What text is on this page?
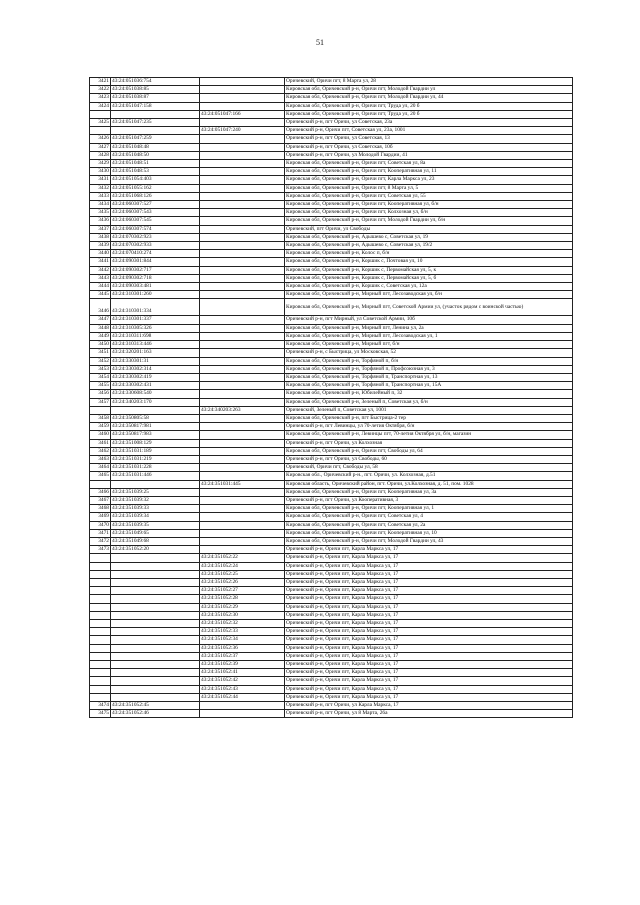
51
3421	43:24:051036:754		Оричевский, Оричи пгт, 8 Марта ул, 28
3422	43:24:051038:85		Кировская обл, Оричевский р-н, Оричи пгт, Молодой Гвардии ул
3423	43:24:051038:87		Кировская обл, Оричевский р-н, Оричи пгт, Молодой Гвардии ул, 44
3424	43:24:051047:158		Кировская обл, Оричевский р-н, Оричи пгт, Труда ул, 20 б
		43:24:051047:166	Кировская обл, Оричевский р-н, Оричи пгт, Труда ул, 20 б
3425	43:24:051047:235		Оричевский р-н, пгт Оричи, ул Советская, 23а
		43:24:051047:240	Оричевский р-н, Оричи пгт, Советская ул, 23а, 1001
3426	43:24:051047:259		Оричевский р-н, пгт Оричи, ул Советская, 13
3427	43:24:051048:48		Оричевский р-н, пгт Оричи, ул Советская, 10б
3428	43:24:051048:50		Оричевский р-н, пгт Оричи, ул Молодой Гвардии, 41
3429	43:24:051048:51		Кировская обл, Оричевский р-н, Оричи пгт, Советская ул, 8а
3430	43:24:051048:53		Кировская обл, Оричевский р-н, Оричи пгт, Кооперативная ул, 11
3431	43:24:051054:403		Кировская обл, Оричевский р-н, Оричи пгт, Карла Маркса ул, 23
3432	43:24:051055:162		Кировская обл, Оричевский р-н, Оричи пгт, 8 Марта ул, 5
3433	43:24:051068:126		Кировская обл, Оричевский р-н, Оричи пгт, Советская ул, 55
3434	43:24:060307:527		Кировская обл, Оричевский р-н, Оричи пгт, Кооперативная ул, б/н
3435	43:24:060307:543		Кировская обл, Оричевский р-н, Оричи пгт, Колхозная ул, б/н
3436	43:24:060307:545		Кировская обл, Оричевский р-н, Оричи пгт, Молодой Гвардии ул, б/н
3437	43:24:060307:574		Оричевский, пгт Оричи, ул Свободы
3438	43:24:070302:923		Кировская обл, Оричевский р-н, Адышево с, Советская ул, 19
3439	43:24:070302:933		Кировская обл, Оричевский р-н, Адышево с, Советская ул, 19/2
3440	43:24:070410:274		Кировская обл, Оричевский р-н, Колос п, б/н
3441	43:24:090301:844		Кировская обл, Оричевский р-н, Коршик с, Почтовая ул, 10
3442	43:24:090302:717		Кировская обл, Оричевский р-н, Коршик с, Первомайская ул, 5, к
3443	43:24:090302:718		Кировская обл, Оричевский р-н, Коршик с, Первомайская ул, 5, б
3444	43:24:090303:481		Кировская обл, Оричевский р-н, Коршик с, Советская ул, 12а
3445	43:24:310301:260		Кировская обл, Оричевский р-н, Мирный пгт, Лесозаводская ул, б/н
3446	43:24:310301:334		Кировская обл, Оричевский р-н, Мирный пгт, Советской Армии ул, (участок рядом с воинской частью)
3447	43:24:310301:337		Оричевский р-н, пгт Мирный, ул Советской Армии, 10б
3448	43:24:310305:326		Кировская обл, Оричевский р-н, Мирный пгт, Ленина ул, 2а
3449	43:24:310311:698		Кировская обл, Оричевский р-н, Мирный пгт, Лесозаводская ул, 1
3450	43:24:310313:446		Кировская обл, Оричевский р-н, Мирный пгт, б/н
3451	43:24:320201:163		Оричевский р-н, с Быстрица, ул Московская, 52
3452	43:24:330301:31		Кировская обл, Оричевский р-н, Торфяной п, б/н
3453	43:24:330302:314		Кировская обл, Оричевский р-н, Торфяной п, Профсоюзная ул, 3
3454	43:24:330302:419		Кировская обл, Оричевский р-н, Торфяной п, Транспортная ул, 13
3455	43:24:330302:431		Кировская обл, Оричевский р-н, Торфяной п, Транспортная ул, 15А
3456	43:24:330608:540		Кировская обл, Оричевский р-н, Юбилейный п, 32
3457	43:24:340203:170		Кировская обл, Оричевский р-н, Зеленый п, Советская ул, б/н
		43:24:340203:263	Оричевский, Зеленый п, Советская ул, 1001
3458	43:24:350805:58		Кировская обл, Оричевский р-н, пгт Быстрица-2 тер
3459	43:24:350817:981		Оричевский р-н, пгт Левинцы, ул 70-летия Октября, б/н
3460	43:24:350817:983		Кировская обл, Оричевский р-н, Левинцы пгт, 70-летия Октября ул, б/н, магазин
3461	43:24:351008:129		Оричевский р-н, пгт Оричи, ул Колхозная
3462	43:24:351031:189		Кировская обл, Оричевский р-н, Оричи пгт, Свободы ул, 64
3463	43:24:351031:219		Оричевский р-н, пгт Оричи, ул Свободы, 60
3464	43:24:351031:228		Оричевский, Оричи пгт, Свободы ул, 58
3465	43:24:351031:446		Кировская обл., Оричевский р-н., пгт. Оричи, ул. Колхозная, д.51
		43:24:351031:445	Кировская область, Оричевский район, пгт. Оричи, ул.Колхозная, д. 51, пом. 1028
3466	43:24:351039:25		Кировская обл, Оричевский р-н, Оричи пгт, Кооперативная ул, 3а
3467	43:24:351039:32		Оричевский р-н, пгт Оричи, ул Кооперативная, 3
3468	43:24:351039:33		Кировская обл, Оричевский р-н, Оричи пгт, Кооперативная ул, 1
3469	43:24:351039:34		Кировская обл, Оричевский р-н, Оричи пгт, Советская ул, 4
3470	43:24:351039:35		Кировская обл, Оричевский р-н, Оричи пгт, Советская ул, 2а
3471	43:24:351049:65		Кировская обл, Оричевский р-н, Оричи пгт, Кооперативная ул, 10
3472	43:24:351049:68		Кировская обл, Оричевский р-н, Оричи пгт, Молодой Гвардии ул, 43
3473	43:24:351052:20		Оричевский р-н, Оричи пгт, Карла Маркса ул, 17
		43:24:351052:22	Оричевский р-н, Оричи пгт, Карла Маркса ул, 17
		43:24:351052:24	Оричевский р-н, Оричи пгт, Карла Маркса ул, 17
		43:24:351052:25	Оричевский р-н, Оричи пгт, Карла Маркса ул, 17
		43:24:351052:26	Оричевский р-н, Оричи пгт, Карла Маркса ул, 17
		43:24:351052:27	Оричевский р-н, Оричи пгт, Карла Маркса ул, 17
		43:24:351052:28	Оричевский р-н, Оричи пгт, Карла Маркса ул, 17
		43:24:351052:29	Оричевский р-н, Оричи пгт, Карла Маркса ул, 17
		43:24:351052:30	Оричевский р-н, Оричи пгт, Карла Маркса ул, 17
		43:24:351052:32	Оричевский р-н, Оричи пгт, Карла Маркса ул, 17
		43:24:351052:33	Оричевский р-н, Оричи пгт, Карла Маркса ул, 17
		43:24:351052:34	Оричевский р-н, Оричи пгт, Карла Маркса ул, 17
		43:24:351052:36	Оричевский р-н, Оричи пгт, Карла Маркса ул, 17
		43:24:351052:37	Оричевский р-н, Оричи пгт, Карла Маркса ул, 17
		43:24:351052:39	Оричевский р-н, Оричи пгт, Карла Маркса ул, 17
		43:24:351052:41	Оричевский р-н, Оричи пгт, Карла Маркса ул, 17
		43:24:351052:42	Оричевский р-н, Оричи пгт, Карла Маркса ул, 17
		43:24:351052:43	Оричевский р-н, Оричи пгт, Карла Маркса ул, 17
		43:24:351052:44	Оричевский р-н, Оричи пгт, Карла Маркса ул, 17
3474	43:24:351052:45		Оричевский р-н, пгт Оричи, ул Карла Маркса, 17
3475	43:24:351052:46		Оричевский р-н, пгт Оричи, ул 8 Марта, 26а
